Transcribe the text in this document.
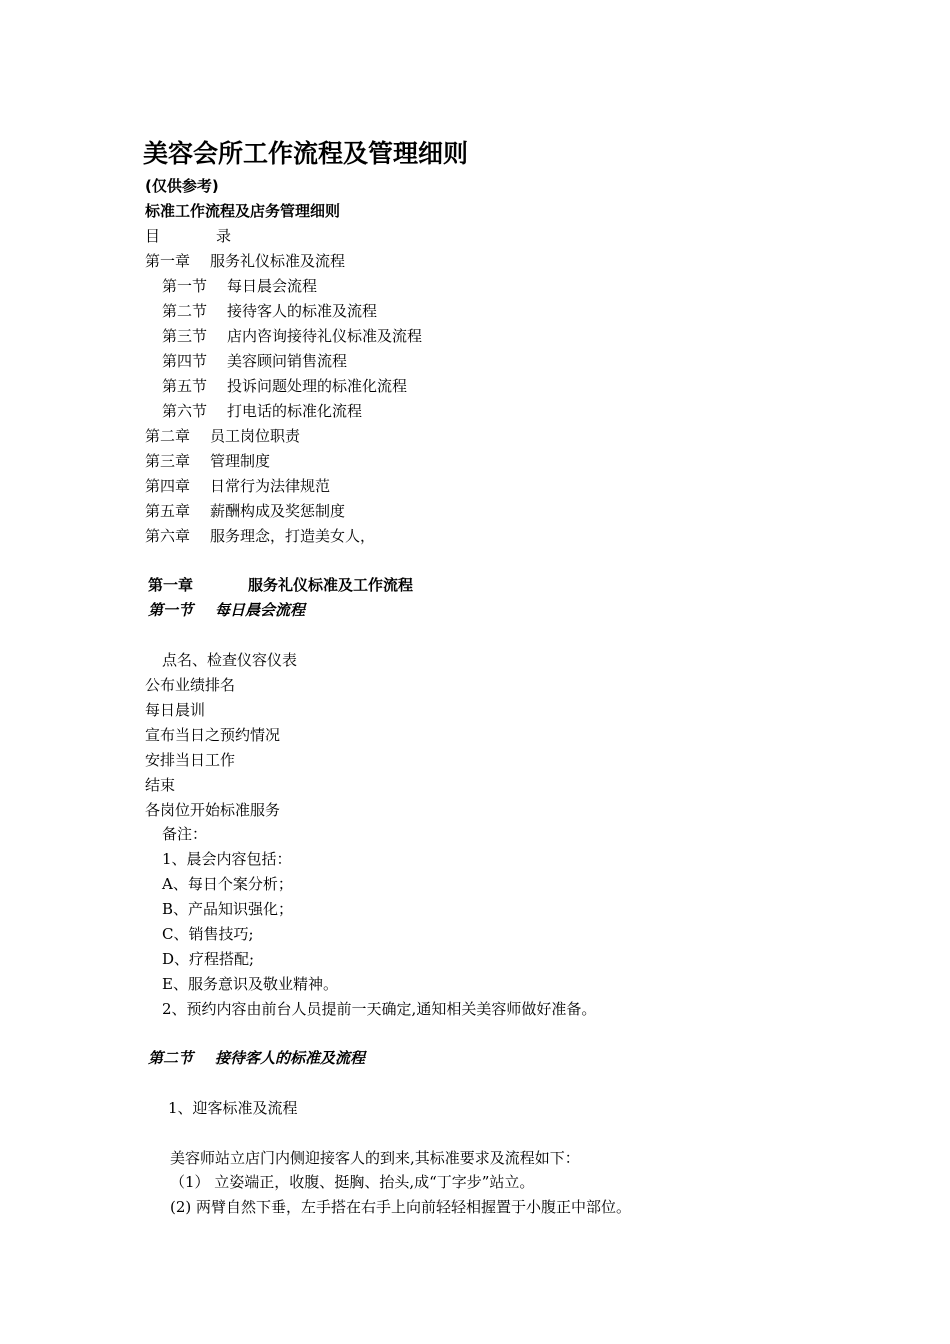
美容会所工作流程及管理细则
(仅供参考)
标准工作流程及店务管理细则
目	录
第一章 服务礼仪标准及流程
第一节 每日晨会流程
第二节 接待客人的标准及流程
第三节 店内咨询接待礼仪标准及流程
第四节 美容顾问销售流程
第五节 投诉问题处理的标准化流程
第六节 打电话的标准化流程
第二章 员工岗位职责
第三章 管理制度
第四章 日常行为法律规范
第五章 薪酬构成及奖惩制度
第六章 服务理念，打造美女人，
第一章	服务礼仪标准及工作流程
第一节 每日晨会流程
点名、检查仪容仪表
公布业绩排名
每日晨训
宣布当日之预约情况
安排当日工作
结束
各岗位开始标准服务
备注：
1、晨会内容包括：
A、每日个案分析；
B、产品知识强化；
C、销售技巧;
D、疗程搭配;
E、服务意识及敬业精神。
2、预约内容由前台人员提前一天确定,通知相关美容师做好准备。
第二节 接待客人的标准及流程
1、迎客标准及流程
美容师站立店门内侧迎接客人的到来,其标准要求及流程如下：
（1） 立姿端正，收腹、挺胸、抬头,成“丁字步”站立。
(2) 两臂自然下垂，左手搭在右手上向前轻轻相握置于小腹正中部位。
